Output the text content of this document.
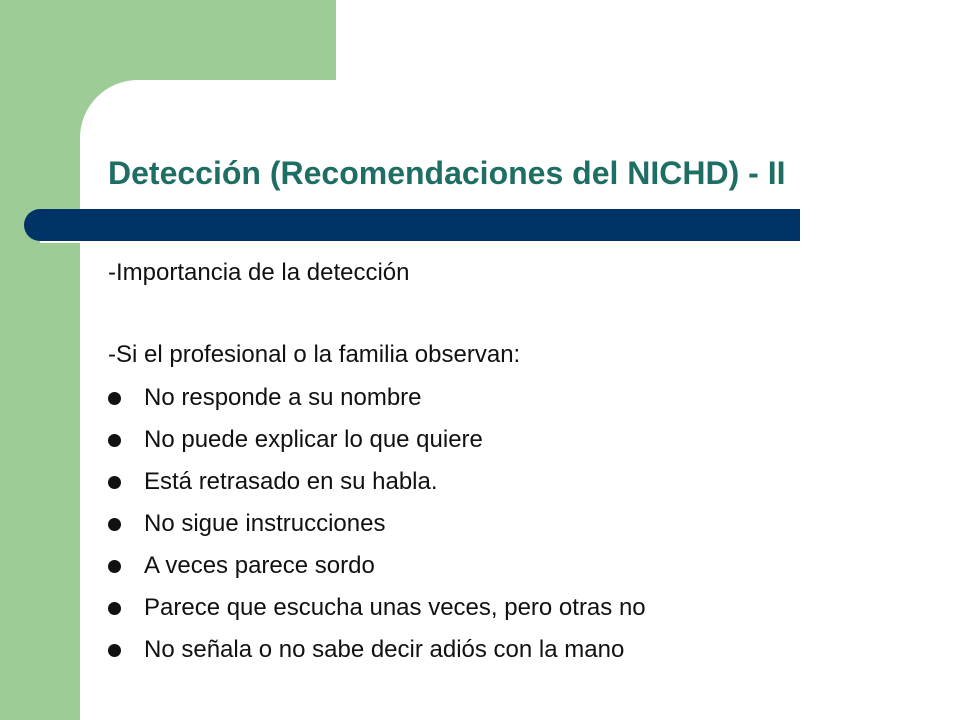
Detección (Recomendaciones del NICHD) - II
-Importancia de la detección
-Si el profesional o la familia observan:
No responde a su nombre
No puede explicar lo que quiere
Está retrasado en su habla.
No sigue instrucciones
A veces parece sordo
Parece que escucha unas veces, pero otras no
No señala o no sabe decir adiós con la mano
